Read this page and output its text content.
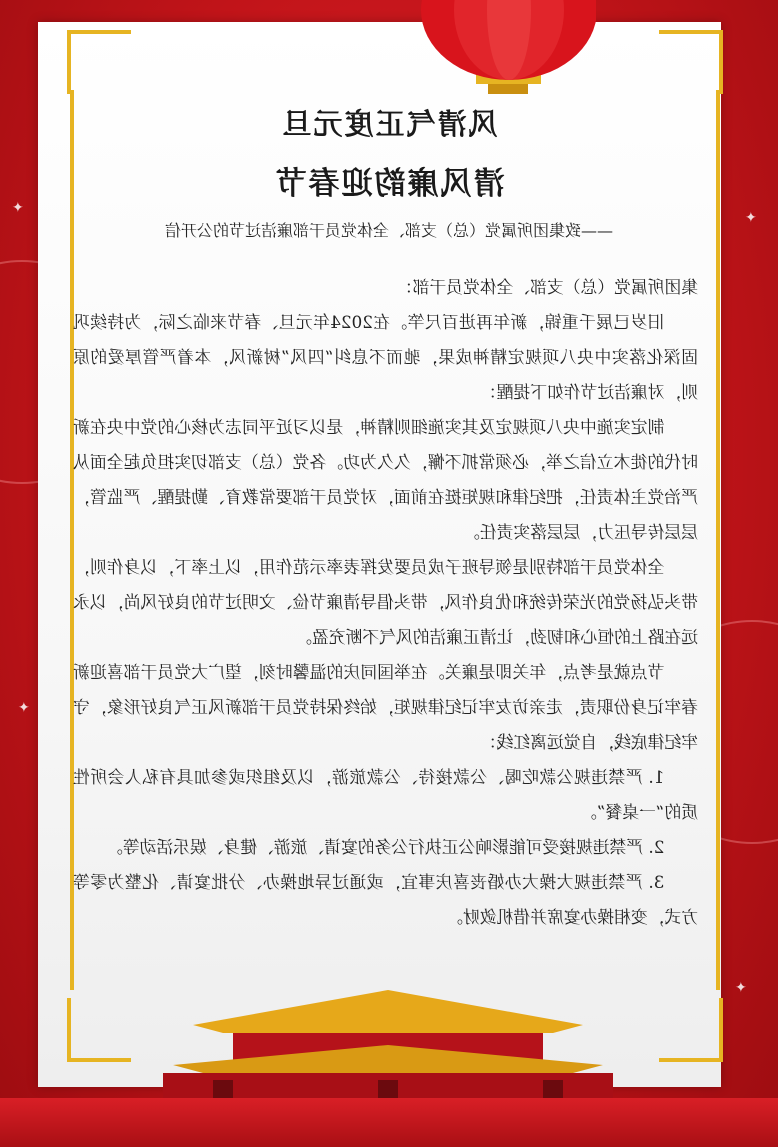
✦
✦
✦
✦
风清气正度元旦
清风廉韵迎春节
——致集团所属党（总）支部、全体党员干部廉洁过节的公开信

集团所属党（总）支部、全体党员干部：

旧岁已展千重锦，新年再进百尺竿。在2024年元旦、春节来临之际，为持续巩固深化落实中央八项规定精神成果，驰而不息纠“四风”树新风，本着严管厚爱的原则，对廉洁过节作如下提醒：

制定实施中央八项规定及其实施细则精神，是以习近平同志为核心的党中央在新时代的徙木立信之举，必须常抓不懈，久久为功。各党（总）支部切实担负起全面从严治党主体责任，把纪律和规矩挺在前面，对党员干部要常教育、勤提醒、严监管，层层传导压力，层层落实责任。

全体党员干部特别是领导班子成员要发挥表率示范作用，以上率下，以身作则，带头弘扬党的光荣传统和优良作风，带头倡导清廉节俭、文明过节的良好风尚，以永远在路上的恒心和韧劲，让清正廉洁的风气不断充盈。

节点就是考点，年关即是廉关。在举国同庆的温馨时刻，望广大党员干部喜迎新春牢记身份职责，走亲访友牢记纪律规矩，始终保持党员干部新风正气良好形象，守牢纪律底线，自觉远离红线：

1. 严禁违规公款吃喝、公款接待、公款旅游，以及组织或参加具有私人会所性质的“一桌餐”。

2. 严禁违规接受可能影响公正执行公务的宴请、旅游、健身、娱乐活动等。

3. 严禁违规大操大办婚丧喜庆事宜，或通过异地操办、分批宴请、化整为零等方式，变相操办宴席并借机敛财。
